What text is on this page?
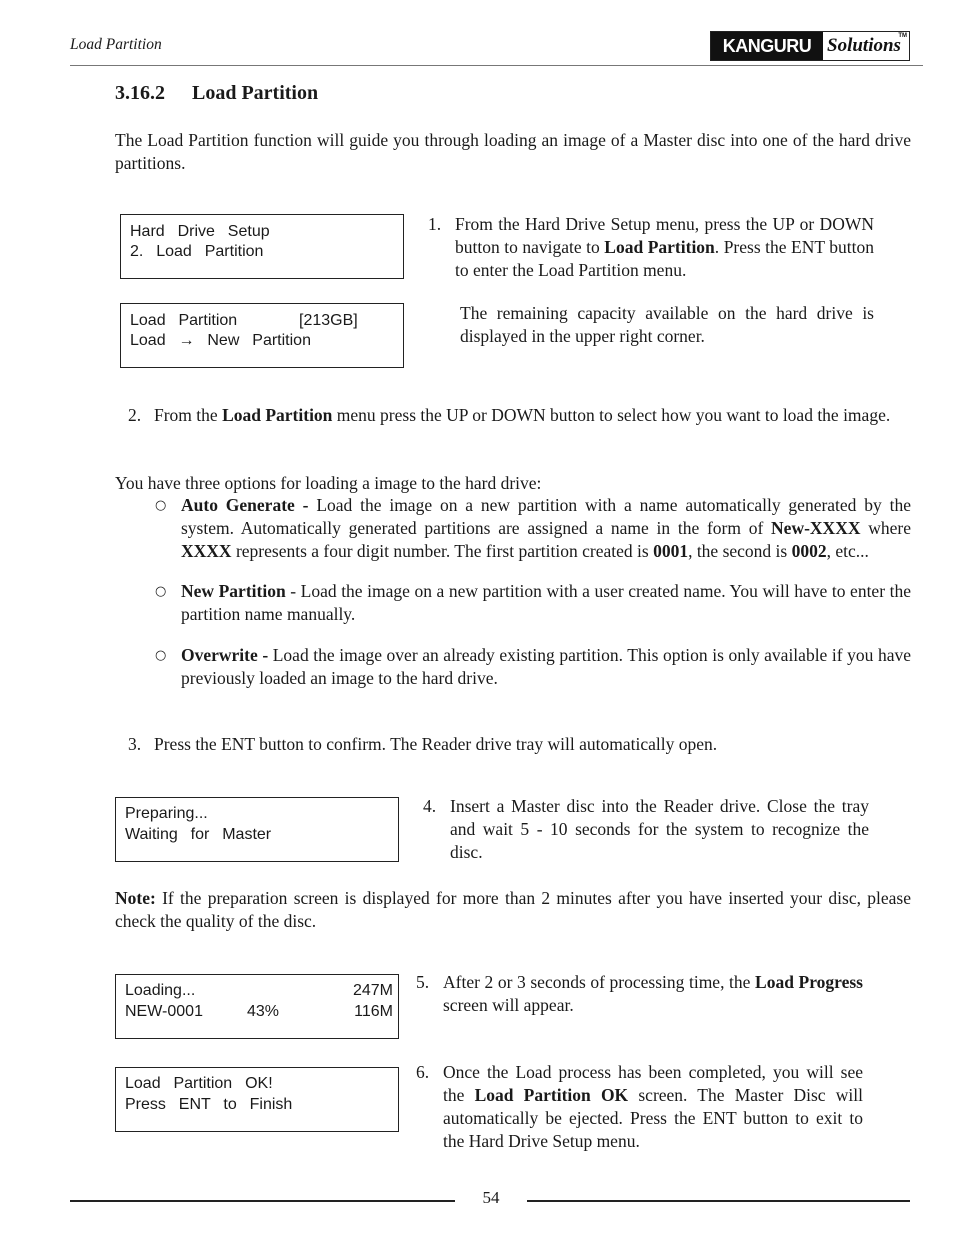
Load Partition	KANGURU Solutions
TM
3.16.2 Load Partition
The Load Partition function will guide you through loading an image of a Master disc into one of the hard drive partitions.
Hard  Drive  Setup
2.  Load  Partition
1. From the Hard Drive Setup menu, press the UP or DOWN button to navigate to Load Partition. Press the ENT button to enter the Load Partition menu.
Load  Partition	[213GB]
Load  →  New  Partition
The remaining capacity available on the hard drive is displayed in the upper right corner.
2. From the Load Partition menu press the UP or DOWN button to select how you want to load the image.
You have three options for loading a image to the hard drive:
○ Auto Generate - Load the image on a new partition with a name automatically generated by the system. Automatically generated partitions are assigned a name in the form of New-XXXX where XXXX represents a four digit number. The first partition created is 0001, the second is 0002, etc...
○ New Partition - Load the image on a new partition with a user created name. You will have to enter the partition name manually.
○ Overwrite - Load the image over an already existing partition. This option is only available if you have previously loaded an image to the hard drive.
3. Press the ENT button to confirm. The Reader drive tray will automatically open.
Preparing...
Waiting  for  Master
4. Insert a Master disc into the Reader drive. Close the tray and wait 5 - 10 seconds for the system to recognize the disc.
Note: If the preparation screen is displayed for more than 2 minutes after you have inserted your disc, please check the quality of the disc.
Loading...	247M
NEW-0001	43%	116M
5. After 2 or 3 seconds of processing time, the Load Progress screen will appear.
Load  Partition  OK!
Press  ENT  to  Finish
6. Once the Load process has been completed, you will see the Load Partition OK screen. The Master Disc will automatically be ejected. Press the ENT button to exit to the Hard Drive Setup menu.
54
